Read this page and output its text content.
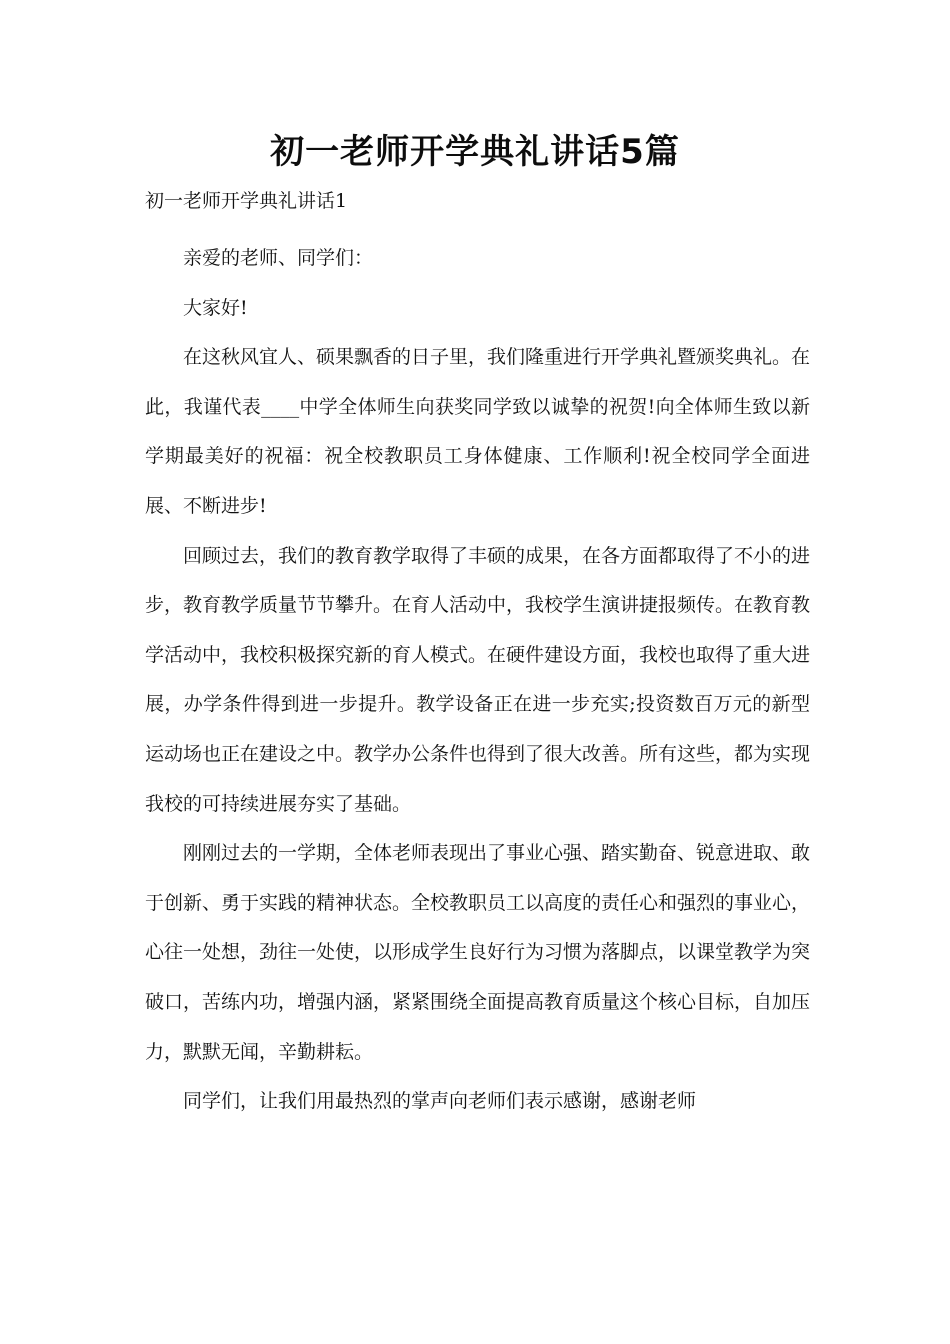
初一老师开学典礼讲话5篇
初一老师开学典礼讲话1

亲爱的老师、同学们：

大家好!

在这秋风宜人、硕果飘香的日子里，我们隆重进行开学典礼暨颁奖典礼。在此，我谨代表____中学全体师生向获奖同学致以诚挚的祝贺!向全体师生致以新学期最美好的祝福：祝全校教职员工身体健康、工作顺利!祝全校同学全面进展、不断进步!

回顾过去，我们的教育教学取得了丰硕的成果，在各方面都取得了不小的进步，教育教学质量节节攀升。在育人活动中，我校学生演讲捷报频传。在教育教学活动中，我校积极探究新的育人模式。在硬件建设方面，我校也取得了重大进展，办学条件得到进一步提升。教学设备正在进一步充实;投资数百万元的新型运动场也正在建设之中。教学办公条件也得到了很大改善。所有这些，都为实现我校的可持续进展夯实了基础。

刚刚过去的一学期，全体老师表现出了事业心强、踏实勤奋、锐意进取、敢于创新、勇于实践的精神状态。全校教职员工以高度的责任心和强烈的事业心，心往一处想，劲往一处使，以形成学生良好行为习惯为落脚点，以课堂教学为突破口，苦练内功，增强内涵，紧紧围绕全面提高教育质量这个核心目标，自加压力，默默无闻，辛勤耕耘。

同学们，让我们用最热烈的掌声向老师们表示感谢，感谢老师
